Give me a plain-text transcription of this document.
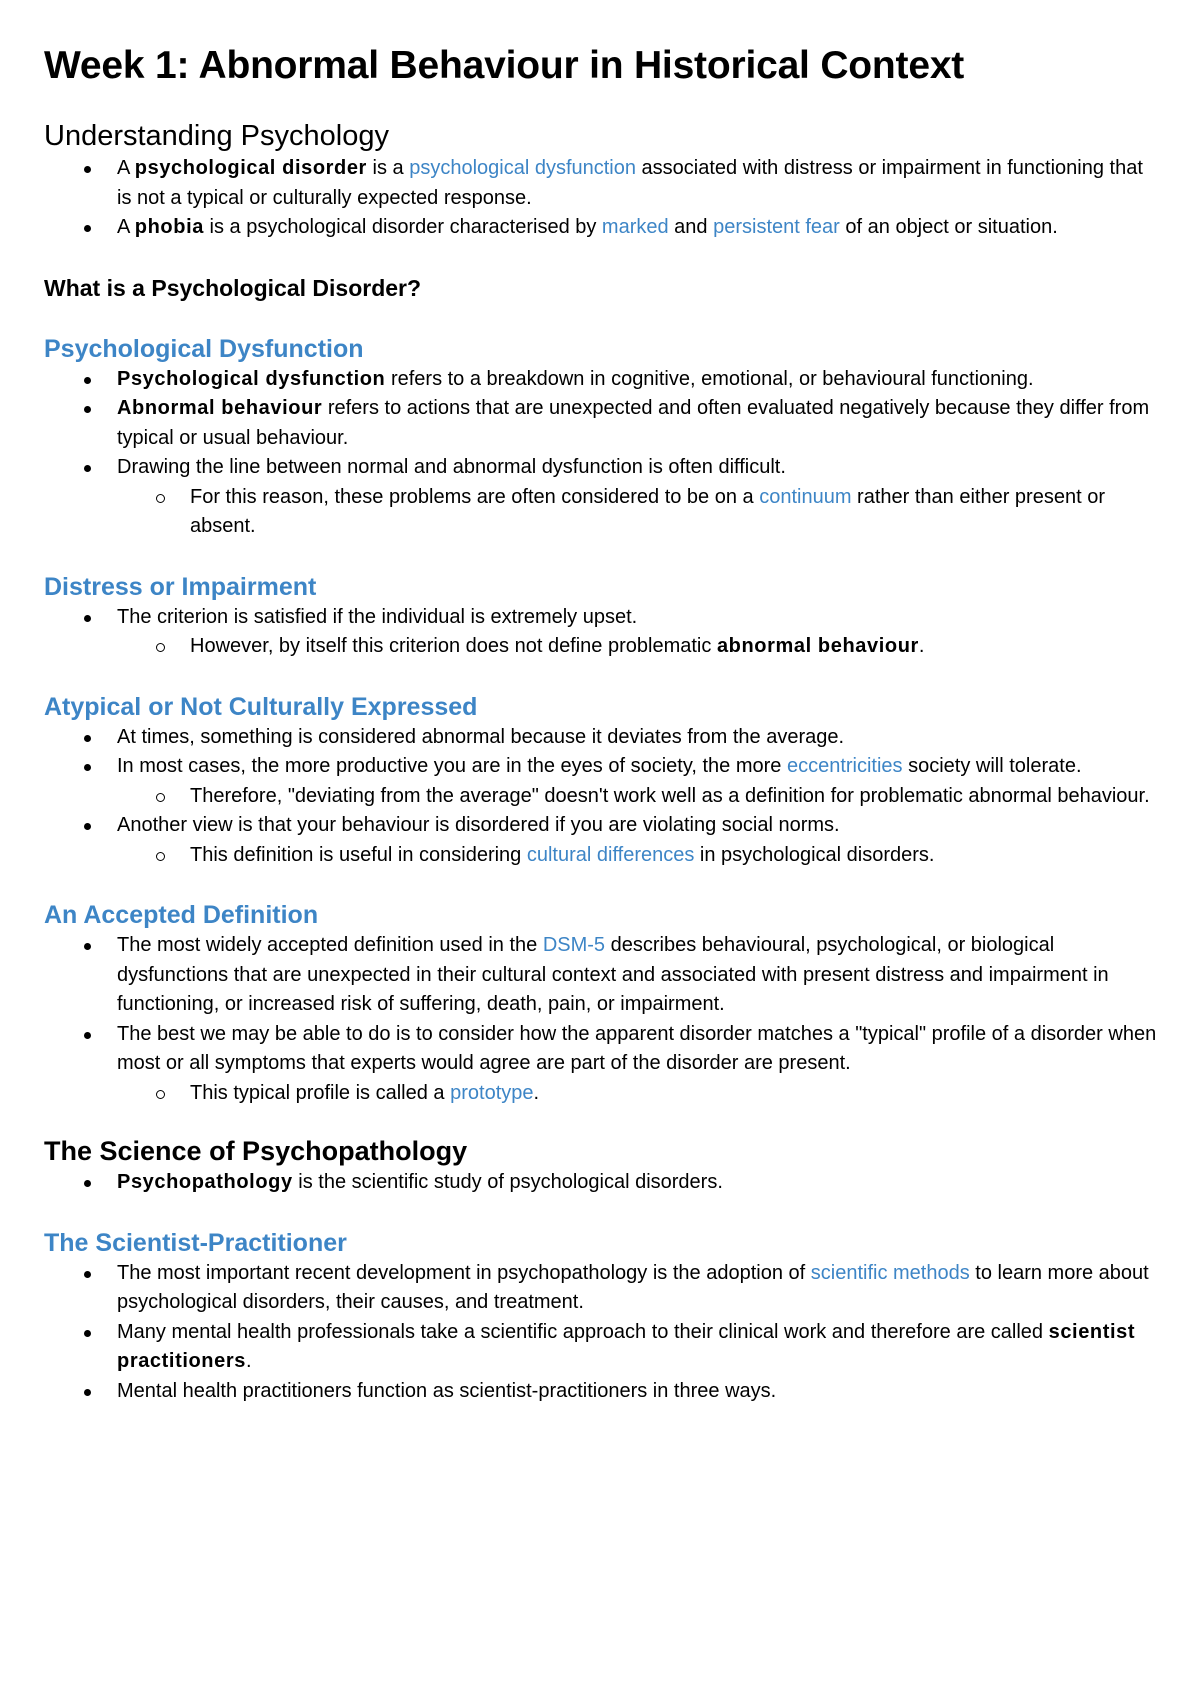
Week 1: Abnormal Behaviour in Historical Context
Understanding Psychology
A psychological disorder is a psychological dysfunction associated with distress or impairment in functioning that is not a typical or culturally expected response.
A phobia is a psychological disorder characterised by marked and persistent fear of an object or situation.
What is a Psychological Disorder?
Psychological Dysfunction
Psychological dysfunction refers to a breakdown in cognitive, emotional, or behavioural functioning.
Abnormal behaviour refers to actions that are unexpected and often evaluated negatively because they differ from typical or usual behaviour.
Drawing the line between normal and abnormal dysfunction is often difficult.
For this reason, these problems are often considered to be on a continuum rather than either present or absent.
Distress or Impairment
The criterion is satisfied if the individual is extremely upset.
However, by itself this criterion does not define problematic abnormal behaviour.
Atypical or Not Culturally Expressed
At times, something is considered abnormal because it deviates from the average.
In most cases, the more productive you are in the eyes of society, the more eccentricities society will tolerate.
Therefore, "deviating from the average" doesn't work well as a definition for problematic abnormal behaviour.
Another view is that your behaviour is disordered if you are violating social norms.
This definition is useful in considering cultural differences in psychological disorders.
An Accepted Definition
The most widely accepted definition used in the DSM-5 describes behavioural, psychological, or biological dysfunctions that are unexpected in their cultural context and associated with present distress and impairment in functioning, or increased risk of suffering, death, pain, or impairment.
The best we may be able to do is to consider how the apparent disorder matches a "typical" profile of a disorder when most or all symptoms that experts would agree are part of the disorder are present.
This typical profile is called a prototype.
The Science of Psychopathology
Psychopathology is the scientific study of psychological disorders.
The Scientist-Practitioner
The most important recent development in psychopathology is the adoption of scientific methods to learn more about psychological disorders, their causes, and treatment.
Many mental health professionals take a scientific approach to their clinical work and therefore are called scientist practitioners.
Mental health practitioners function as scientist-practitioners in three ways.
